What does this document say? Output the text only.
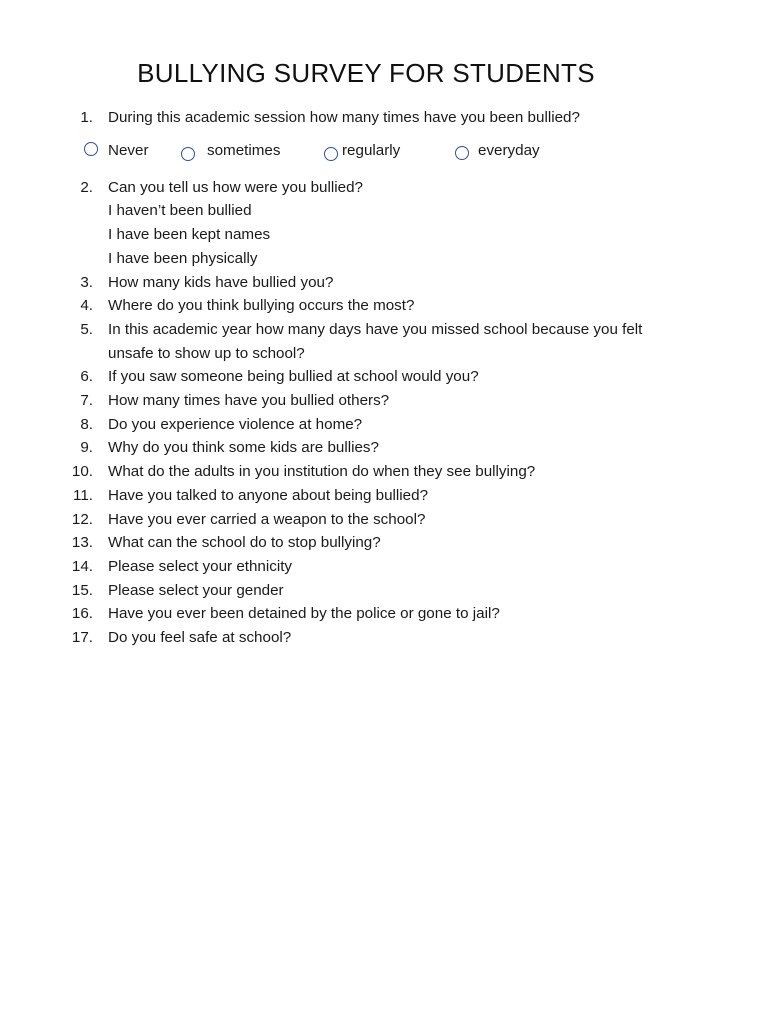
BULLYING SURVEY FOR STUDENTS
1. During this academic session how many times have you been bullied?
Never	sometimes	regularly	everyday
2. Can you tell us how were you bullied?
I haven’t been bullied
I have been kept names
I have been physically
3. How many kids have bullied you?
4. Where do you think bullying occurs the most?
5. In this academic year how many days have you missed school because you felt
unsafe to show up to school?
6. If you saw someone being bullied at school would you?
7. How many times have you bullied others?
8. Do you experience violence at home?
9. Why do you think some kids are bullies?
10. What do the adults in you institution do when they see bullying?
11. Have you talked to anyone about being bullied?
12. Have you ever carried a weapon to the school?
13. What can the school do to stop bullying?
14. Please select your ethnicity
15. Please select your gender
16. Have you ever been detained by the police or gone to jail?
17. Do you feel safe at school?
